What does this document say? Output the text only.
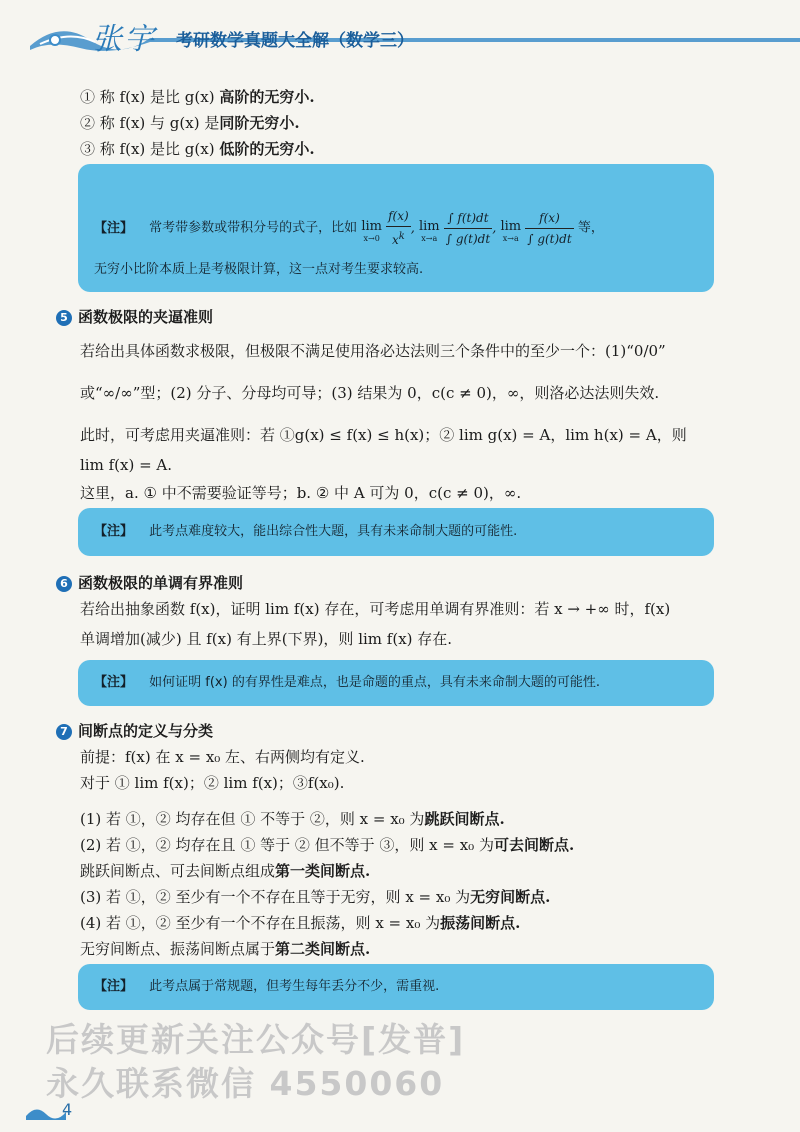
张宇 考研数学真题大全解（数学三）
① 称 f(x) 是比 g(x) 高阶的无穷小.
② 称 f(x) 与 g(x) 是同阶无穷小.
③ 称 f(x) 是比 g(x) 低阶的无穷小.
【注】 常考带参数或带积分号的式子，比如 lim
x→0
$\frac{f(x)}{x^k}$ , lim
x→a
$\frac{\int f(t)dt}{\int g(t)dt}$ , lim
x→a
$\frac{f(x)}{\int g(t)dt}$ 等，
无穷小比阶本质上是考极限计算，这一点对考生要求较高.
5 函数极限的夹逼准则
若给出具体函数求极限，但极限不满足使用洛必达法则三个条件中的至少一个：(1)“0/0”
或“∞/∞”型；(2) 分子、分母均可导；(3) 结果为 0，c(c ≠ 0)，∞，则洛必达法则失效.
此时，可考虑用夹逼准则：若 ①g(x) ≤ f(x) ≤ h(x)；② lim g(x) = A，lim h(x) = A，则
lim f(x) = A.
这里，a. ① 中不需要验证等号；b. ② 中 A 可为 0，c(c ≠ 0)，∞.
【注】 此考点难度较大，能出综合性大题，具有未来命制大题的可能性.
6 函数极限的单调有界准则
若给出抽象函数 f(x)，证明 lim f(x) 存在，可考虑用单调有界准则：若 x → +∞ 时，f(x)
单调增加(减少) 且 f(x) 有上界(下界)，则 lim f(x) 存在.
【注】 如何证明 f(x) 的有界性是难点，也是命题的重点，具有未来命制大题的可能性.
7 间断点的定义与分类
前提：f(x) 在 x = x₀ 左、右两侧均有定义.
对于 ① lim f(x)；② lim f(x)；③f(x₀).
(1) 若 ①，② 均存在但 ① 不等于 ②，则 x = x₀ 为跳跃间断点.
(2) 若 ①，② 均存在且 ① 等于 ② 但不等于 ③，则 x = x₀ 为可去间断点.
跳跃间断点、可去间断点组成第一类间断点.
(3) 若 ①，② 至少有一个不存在且等于无穷，则 x = x₀ 为无穷间断点.
(4) 若 ①，② 至少有一个不存在且振荡，则 x = x₀ 为振荡间断点.
无穷间断点、振荡间断点属于第二类间断点.
【注】 此考点属于常规题，但考生每年丢分不少，需重视.
后续更新关注公众号[发普]
永久联系微信 4550060
4
